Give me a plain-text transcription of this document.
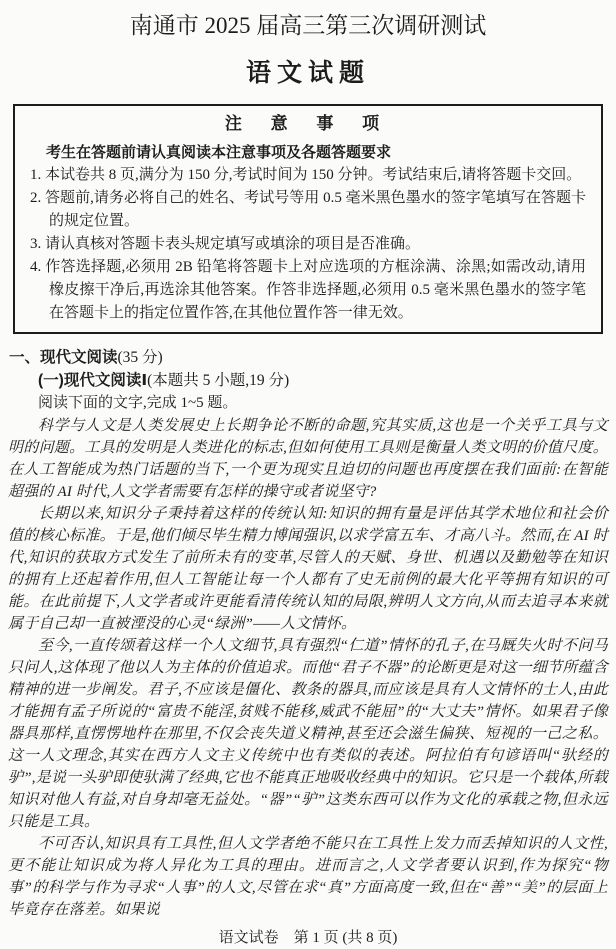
南通市 2025 届高三第三次调研测试
语文试题
注 意 事 项
考生在答题前请认真阅读本注意事项及各题答题要求
1. 本试卷共 8 页,满分为 150 分,考试时间为 150 分钟。考试结束后,请将答题卡交回。
2. 答题前,请务必将自己的姓名、考试号等用 0.5 毫米黑色墨水的签字笔填写在答题卡的规定位置。
3. 请认真核对答题卡表头规定填写或填涂的项目是否准确。
4. 作答选择题,必须用 2B 铅笔将答题卡上对应选项的方框涂满、涂黑;如需改动,请用橡皮擦干净后,再选涂其他答案。作答非选择题,必须用 0.5 毫米黑色墨水的签字笔在答题卡上的指定位置作答,在其他位置作答一律无效。
一、现代文阅读(35 分)
(一)现代文阅读Ⅰ(本题共 5 小题,19 分)
阅读下面的文字,完成 1~5 题。
科学与人文是人类发展史上长期争论不断的命题,究其实质,这也是一个关乎工具与文明的问题。工具的发明是人类进化的标志,但如何使用工具则是衡量人类文明的价值尺度。在人工智能成为热门话题的当下,一个更为现实且迫切的问题也再度摆在我们面前:在智能超强的 AI 时代,人文学者需要有怎样的操守或者说坚守?
长期以来,知识分子秉持着这样的传统认知:知识的拥有量是评估其学术地位和社会价值的核心标准。于是,他们倾尽毕生精力博闻强识,以求学富五车、才高八斗。然而,在 AI 时代,知识的获取方式发生了前所未有的变革,尽管人的天赋、身世、机遇以及勤勉等在知识的拥有上还起着作用,但人工智能让每一个人都有了史无前例的最大化平等拥有知识的可能。在此前提下,人文学者或许更能看清传统认知的局限,辨明人文方向,从而去追寻本来就属于自己却一直被湮没的心灵“绿洲”——人文情怀。
至今,一直传颂着这样一个人文细节,具有强烈“仁道”情怀的孔子,在马厩失火时不问马只问人,这体现了他以人为主体的价值追求。而他“君子不器”的论断更是对这一细节所蕴含精神的进一步阐发。君子,不应该是僵化、教条的器具,而应该是具有人文情怀的士人,由此才能拥有孟子所说的“富贵不能淫,贫贱不能移,威武不能屈”的“大丈夫”情怀。如果君子像器具那样,直愣愣地杵在那里,不仅会丧失道义精神,甚至还会滋生偏狭、短视的一己之私。这一人文理念,其实在西方人文主义传统中也有类似的表述。阿拉伯有句谚语叫“驮经的驴”,是说一头驴即使驮满了经典,它也不能真正地吸收经典中的知识。它只是一个载体,所载知识对他人有益,对自身却毫无益处。“器”“驴”这类东西可以作为文化的承载之物,但永远只能是工具。
不可否认,知识具有工具性,但人文学者绝不能只在工具性上发力而丢掉知识的人文性,更不能让知识成为将人异化为工具的理由。进而言之,人文学者要认识到,作为探究“物事”的科学与作为寻求“人事”的人文,尽管在求“真”方面高度一致,但在“善”“美”的层面上毕竟存在落差。如果说
语文试卷　第 1 页 (共 8 页)
